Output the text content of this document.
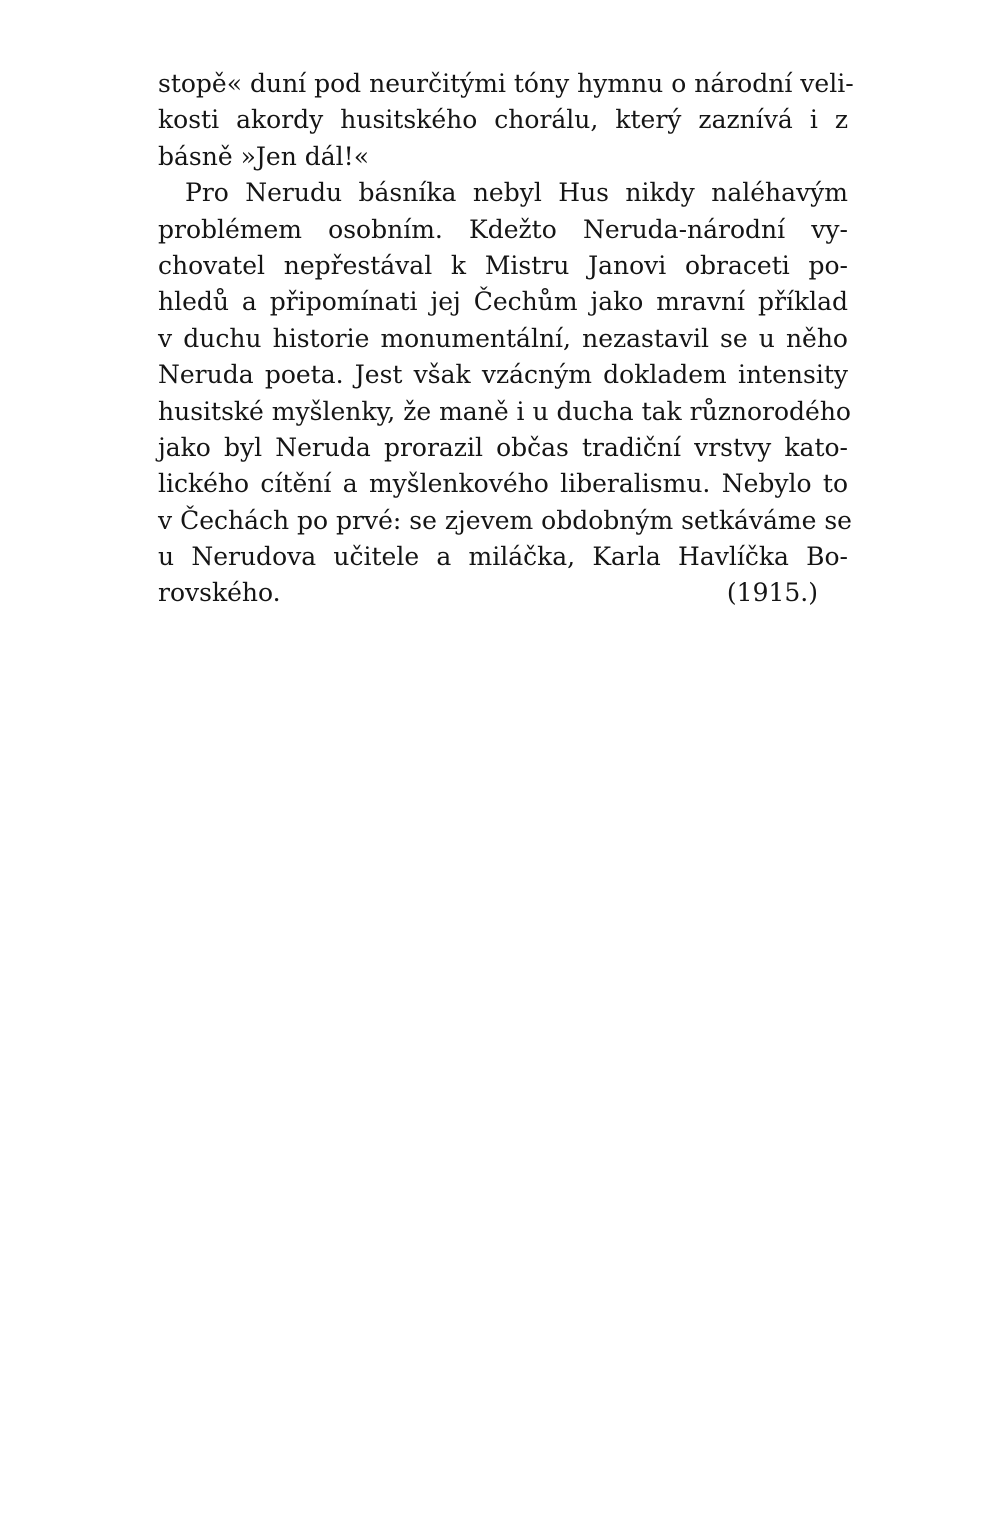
stopě« duní pod neurčitými tóny hymnu o národní veli-
kosti akordy husitského chorálu, který zaznívá i z
básně »Jen dál!«
Pro Nerudu básníka nebyl Hus nikdy naléhavým
problémem osobním. Kdežto Neruda-národní vy-
chovatel nepřestával k Mistru Janovi obraceti po-
hledů a připomínati jej Čechům jako mravní příklad
v duchu historie monumentální, nezastavil se u něho
Neruda poeta. Jest však vzácným dokladem intensity
husitské myšlenky, že maně i u ducha tak různorodého
jako byl Neruda prorazil občas tradiční vrstvy kato-
lického cítění a myšlenkového liberalismu. Nebylo to
v Čechách po prvé: se zjevem obdobným setkáváme se
u Nerudova učitele a miláčka, Karla Havlíčka Bo-
rovského.	(1915.)
